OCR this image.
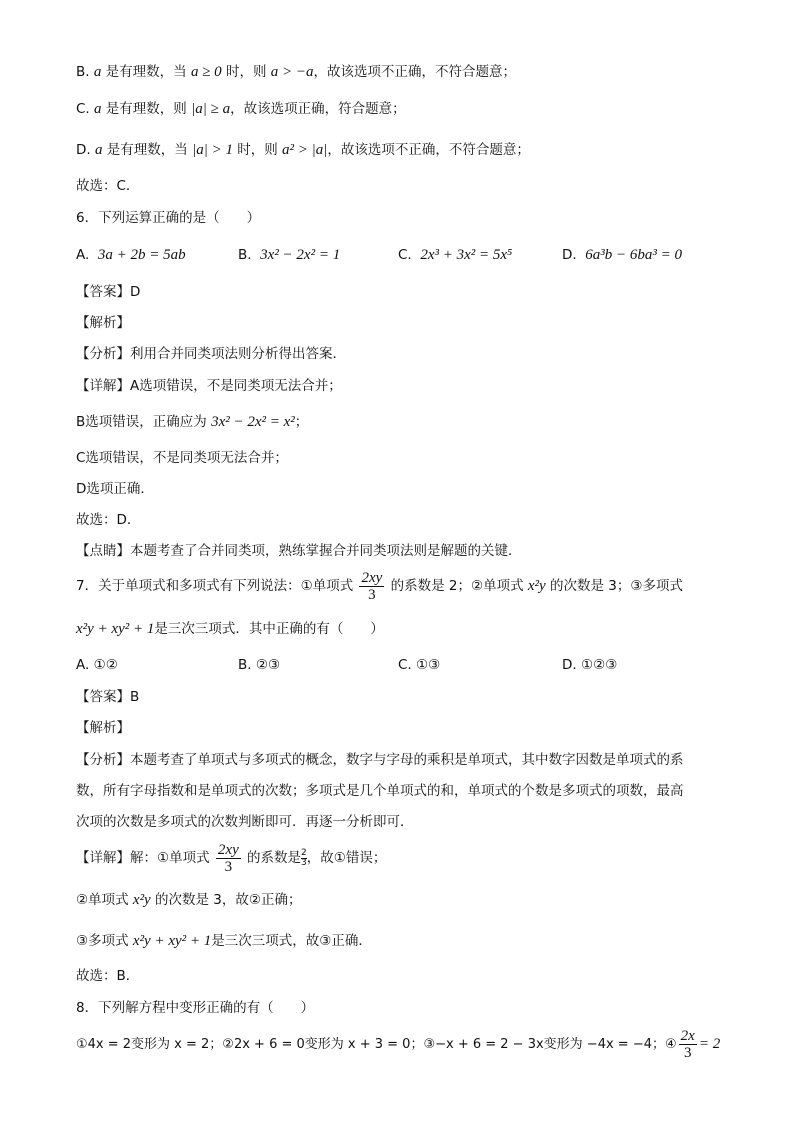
B. a 是有理数，当 a ≥ 0 时，则 a > −a，故该选项不正确，不符合题意；
C. a 是有理数，则 |a| ≥ a，故该选项正确，符合题意；
D. a 是有理数，当 |a| > 1 时，则 a² > |a|，故该选项不正确，不符合题意；
故选：C．
6．下列运算正确的是（　　）
A. 3a + 2b = 5ab	B. 3x² − 2x² = 1	C. 2x³ + 3x² = 5x⁵	D. 6a³b − 6ba³ = 0
【答案】D
【解析】
【分析】利用合并同类项法则分析得出答案．
【详解】A选项错误，不是同类项无法合并；
B选项错误，正确应为 3x² − 2x² = x²；
C选项错误，不是同类项无法合并；
D选项正确．
故选：D．
【点睛】本题考查了合并同类项，熟练掌握合并同类项法则是解题的关键．
7．关于单项式和多项式有下列说法：①单项式 $\frac{2xy}{3}$ 的系数是 2；②单项式 x²y 的次数是 3；③多项式
x²y + xy² + 1是三次三项式．其中正确的有（　　）
A. ①②	B. ②③	C. ①③	D. ①②③
【答案】B
【解析】
【分析】本题考查了单项式与多项式的概念，数字与字母的乘积是单项式，其中数字因数是单项式的系
数，所有字母指数和是单项式的次数；多项式是几个单项式的和，单项式的个数是多项式的项数，最高
次项的次数是多项式的次数判断即可．再逐一分析即可．
【详解】解：①单项式 $\frac{2xy}{3}$ 的系数是 $\frac{2}{3}$ ，故①错误；
②单项式 x²y 的次数是 3，故②正确；
③多项式 x²y + xy² + 1是三次三项式，故③正确．
故选：B．
8．下列解方程中变形正确的有（　　）
①4x = 2变形为 x = 2；②2x + 6 = 0变形为 x + 3 = 0；③−x + 6 = 2 − 3x变形为 −4x = −4；④ $\frac{2x}{3} = 2$
